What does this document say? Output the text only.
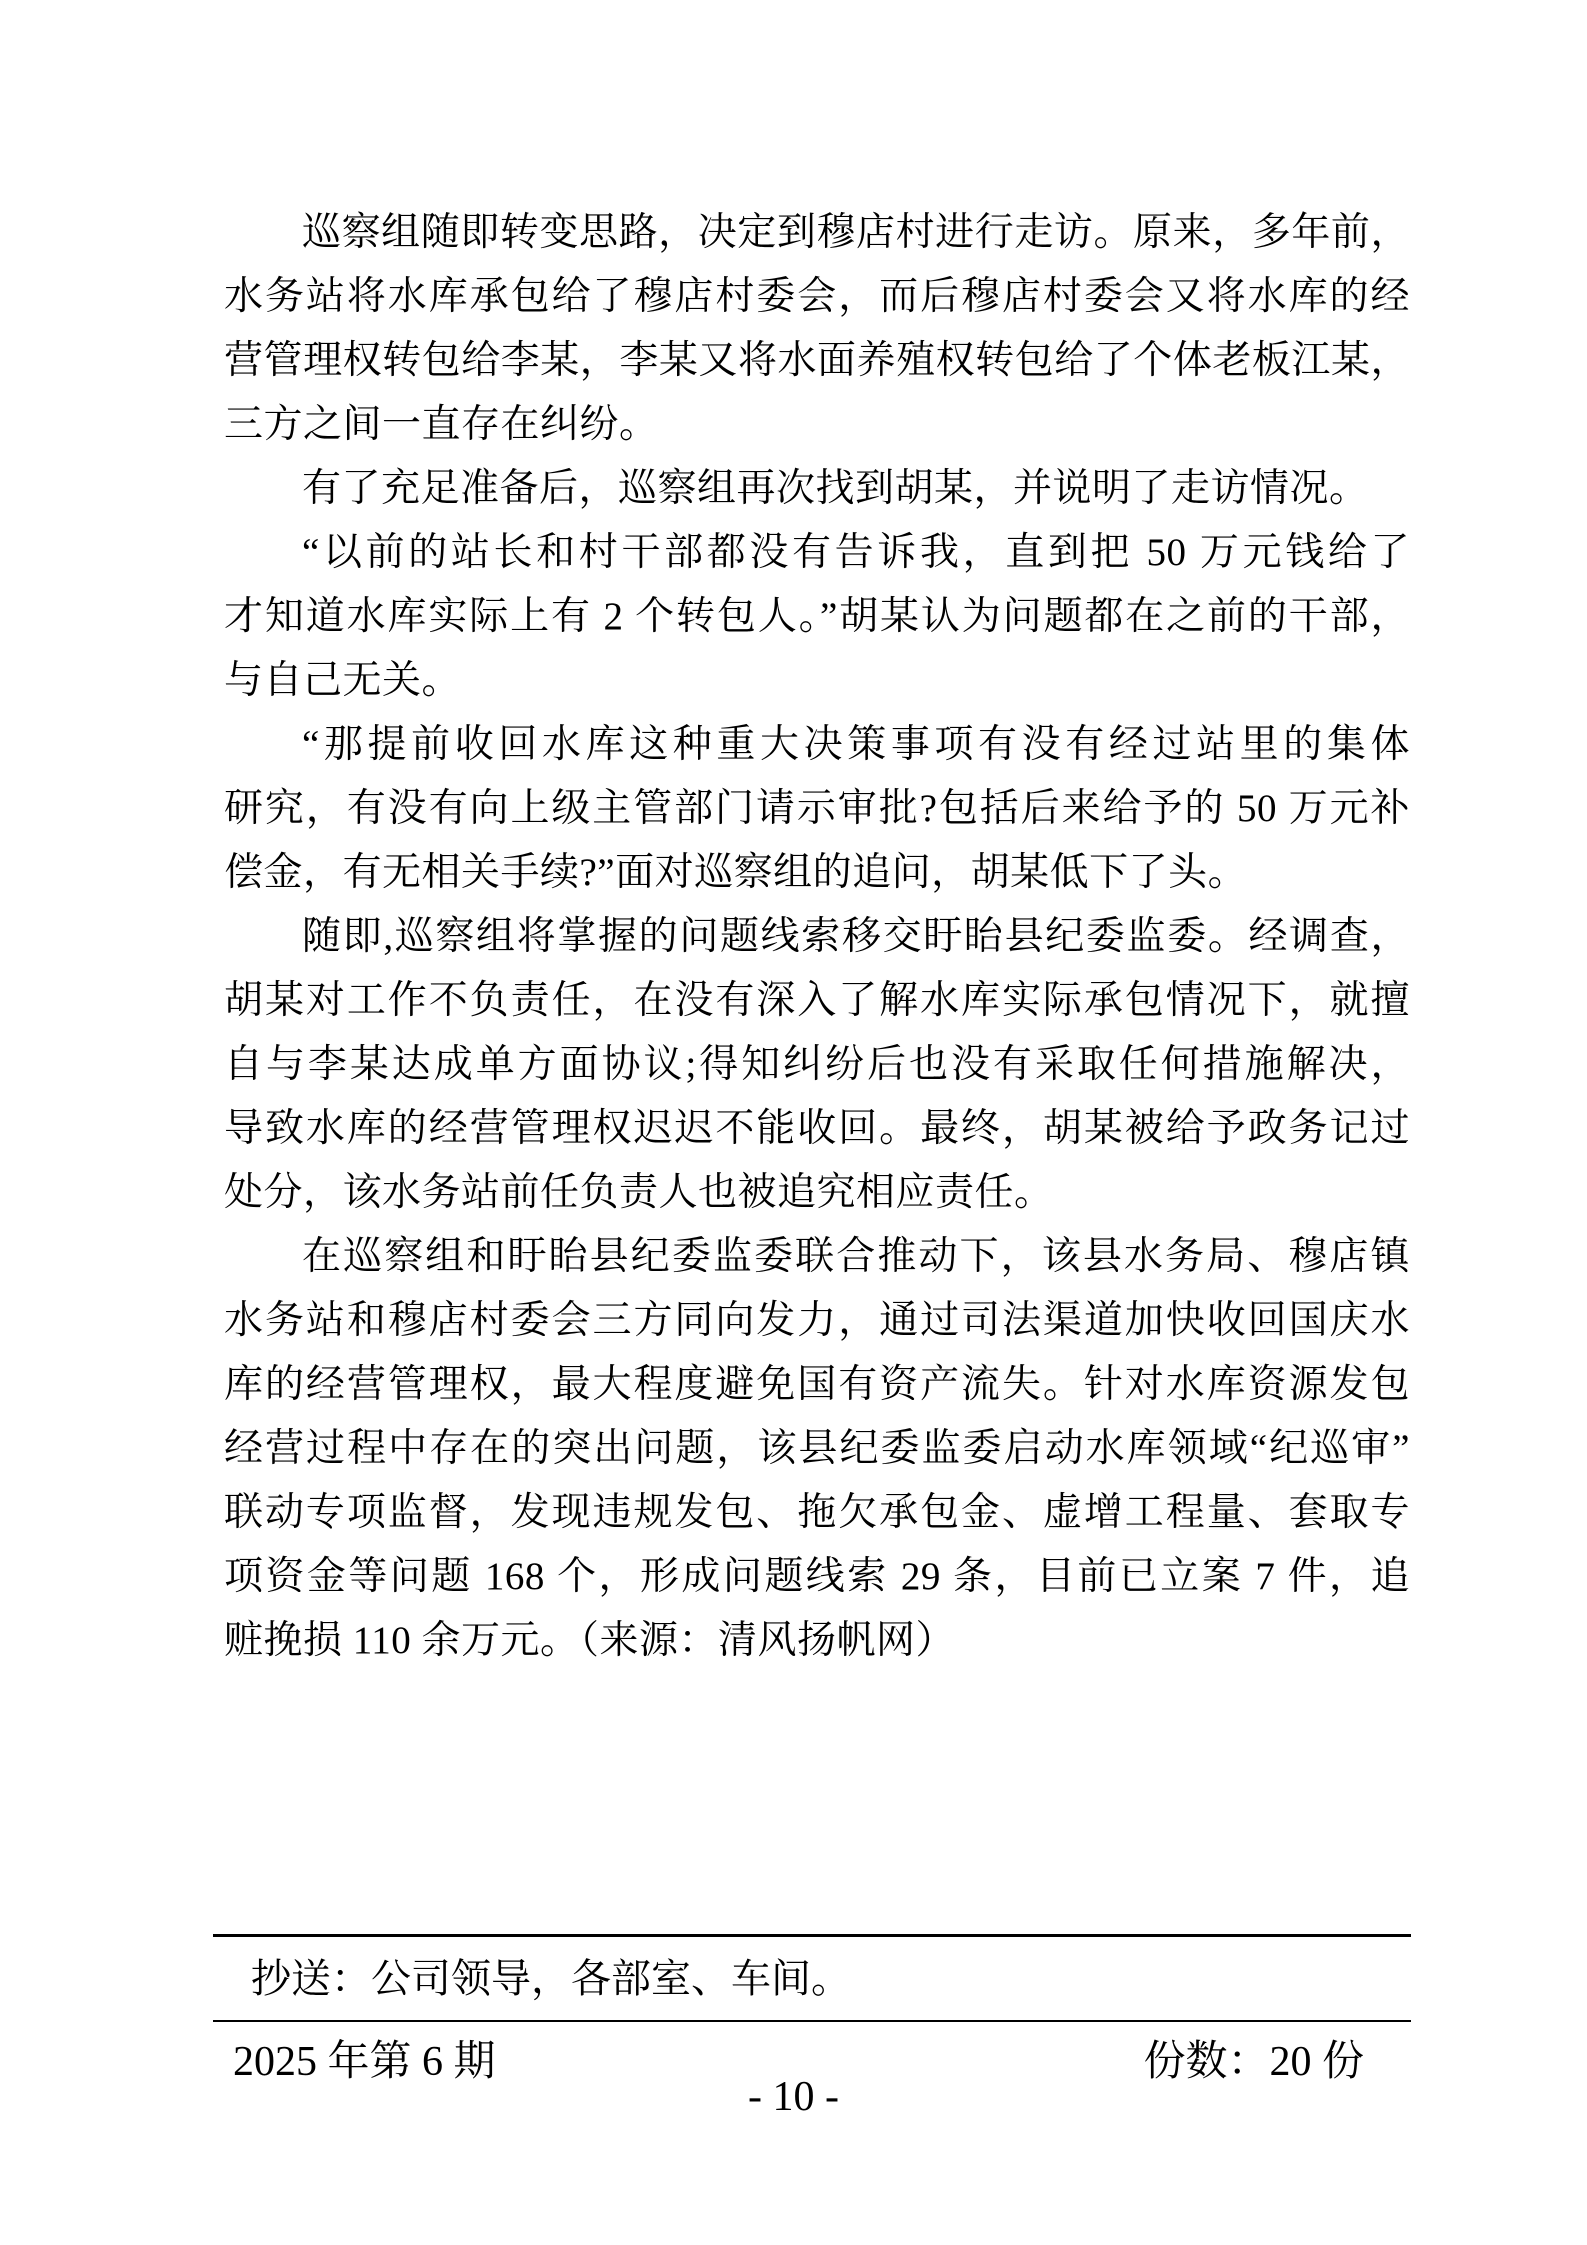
巡察组随即转变思路，决定到穆店村进行走访。原来，多年前，
水务站将水库承包给了穆店村委会，而后穆店村委会又将水库的经
营管理权转包给李某，李某又将水面养殖权转包给了个体老板江某，
三方之间一直存在纠纷。
有了充足准备后，巡察组再次找到胡某，并说明了走访情况。
“以前的站长和村干部都没有告诉我，直到把 50 万元钱给了
才知道水库实际上有 2 个转包人。”胡某认为问题都在之前的干部，
与自己无关。
“那提前收回水库这种重大决策事项有没有经过站里的集体
研究，有没有向上级主管部门请示审批?包括后来给予的 50 万元补
偿金，有无相关手续?”面对巡察组的追问，胡某低下了头。
随即,巡察组将掌握的问题线索移交盱眙县纪委监委。经调查，
胡某对工作不负责任，在没有深入了解水库实际承包情况下，就擅
自与李某达成单方面协议;得知纠纷后也没有采取任何措施解决，
导致水库的经营管理权迟迟不能收回。最终，胡某被给予政务记过
处分，该水务站前任负责人也被追究相应责任。
在巡察组和盱眙县纪委监委联合推动下，该县水务局、穆店镇
水务站和穆店村委会三方同向发力，通过司法渠道加快收回国庆水
库的经营管理权，最大程度避免国有资产流失。针对水库资源发包
经营过程中存在的突出问题，该县纪委监委启动水库领域“纪巡审”
联动专项监督，发现违规发包、拖欠承包金、虚增工程量、套取专
项资金等问题 168 个，形成问题线索 29 条，目前已立案 7 件，追
赃挽损 110 余万元。（来源：清风扬帆网）
抄送：公司领导，各部室、车间。
2025 年第 6 期	份数：20 份
- 10 -
